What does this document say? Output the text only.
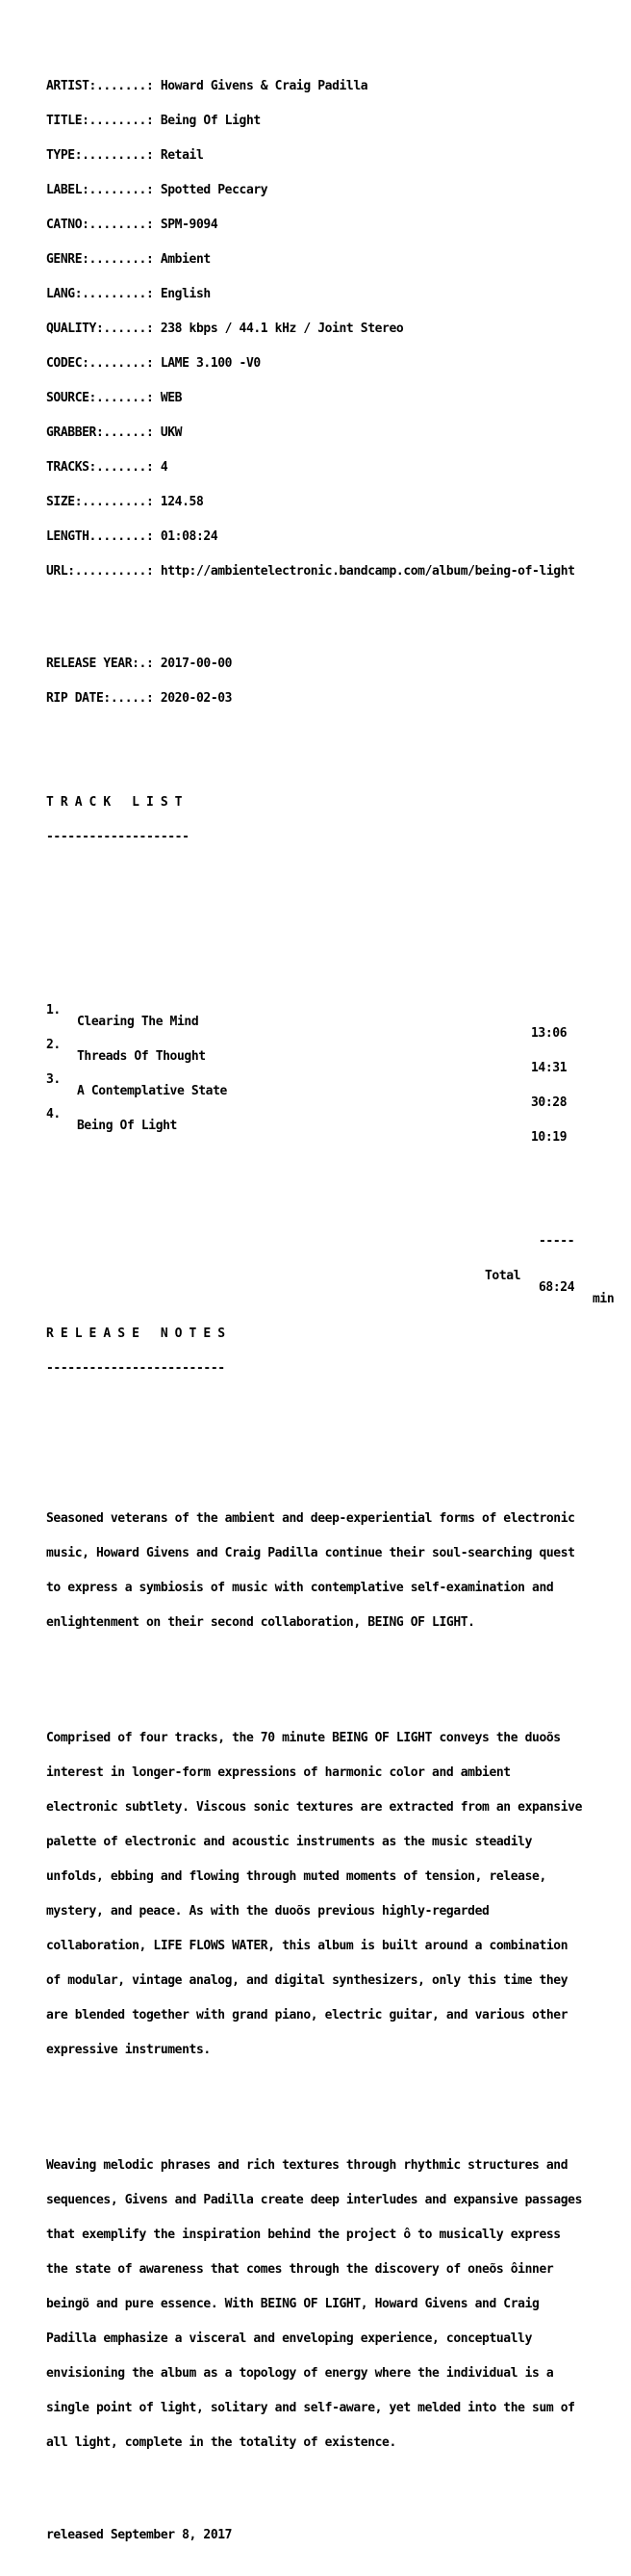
ARTIST:.......: Howard Givens & Craig Padilla

TITLE:........: Being Of Light

TYPE:.........: Retail

LABEL:........: Spotted Peccary

CATNO:........: SPM-9094

GENRE:........: Ambient

LANG:.........: English

QUALITY:......: 238 kbps / 44.1 kHz / Joint Stereo

CODEC:........: LAME 3.100 -V0

SOURCE:.......: WEB

GRABBER:......: UKW

TRACKS:.......: 4

SIZE:.........: 124.58

LENGTH........: 01:08:24

URL:..........: http://ambientelectronic.bandcamp.com/album/being-of-light

RELEASE YEAR:.: 2017-00-00

RIP DATE:.....: 2020-02-03

T R A C K   L I S T

--------------------

1.

Clearing The Mind

13:06

2.

Threads Of Thought

14:31

3.

A Contemplative State

30:28

4.

Being Of Light

10:19

-----

Total

68:24

min

R E L E A S E   N O T E S

-------------------------

Seasoned veterans of the ambient and deep-experiential forms of electronic

music, Howard Givens and Craig Padilla continue their soul-searching quest

to express a symbiosis of music with contemplative self-examination and

enlightenment on their second collaboration, BEING OF LIGHT.

Comprised of four tracks, the 70 minute BEING OF LIGHT conveys the duoõs

interest in longer-form expressions of harmonic color and ambient

electronic subtlety. Viscous sonic textures are extracted from an expansive

palette of electronic and acoustic instruments as the music steadily

unfolds, ebbing and flowing through muted moments of tension, release,

mystery, and peace. As with the duoõs previous highly-regarded

collaboration, LIFE FLOWS WATER, this album is built around a combination

of modular, vintage analog, and digital synthesizers, only this time they

are blended together with grand piano, electric guitar, and various other

expressive instruments.

Weaving melodic phrases and rich textures through rhythmic structures and

sequences, Givens and Padilla create deep interludes and expansive passages

that exemplify the inspiration behind the project ô to musically express

the state of awareness that comes through the discovery of oneõs ôinner

beingö and pure essence. With BEING OF LIGHT, Howard Givens and Craig

Padilla emphasize a visceral and enveloping experience, conceptually

envisioning the album as a topology of energy where the individual is a

single point of light, solitary and self-aware, yet melded into the sum of

all light, complete in the totality of existence.

released September 8, 2017
